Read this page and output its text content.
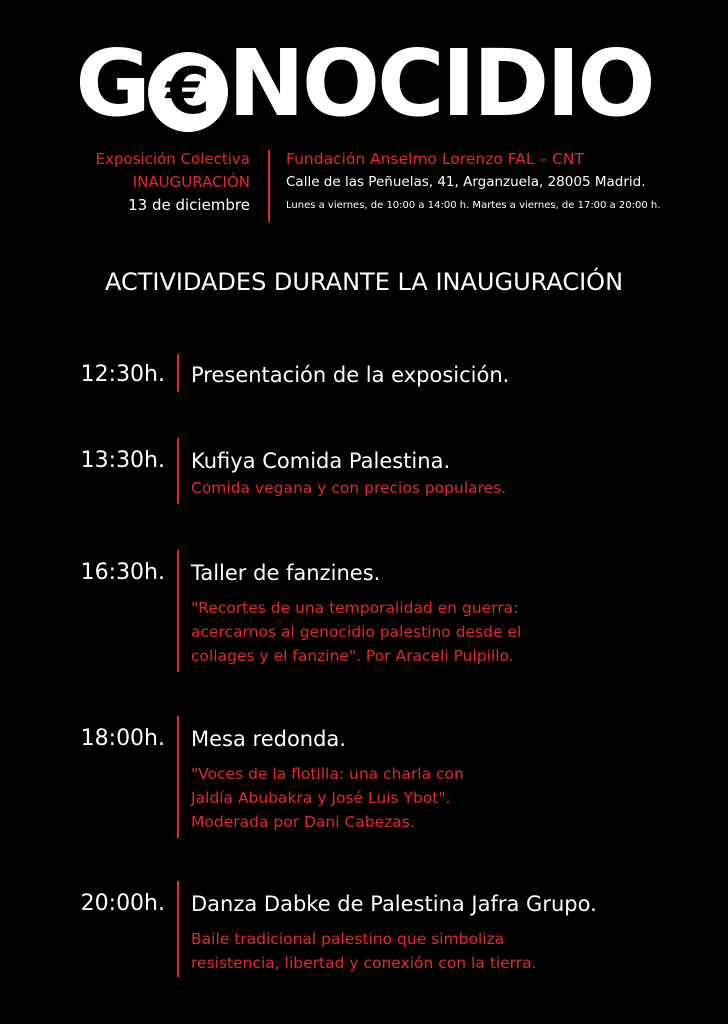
G € NOCIDIO
Exposición Colectiva
INAUGURACIÓN
13 de diciembre
Fundación Anselmo Lorenzo FAL – CNT
Calle de las Peñuelas, 41, Arganzuela, 28005 Madrid.
Lunes a viernes, de 10:00 a 14:00 h. Martes a viernes, de 17:00 a 20:00 h.
ACTIVIDADES DURANTE LA INAUGURACIÓN
12:30h. Presentación de la exposición.
13:30h. Kufiya Comida Palestina.
Comida vegana y con precios populares.
16:30h. Taller de fanzines.
"Recortes de una temporalidad en guerra:
acercarnos al genocidio palestino desde el
collages y el fanzine". Por Araceli Pulpillo.
18:00h. Mesa redonda.
"Voces de la flotilla: una charla con
Jaldía Abubakra y José Luis Ybot".
Moderada por Dani Cabezas.
20:00h. Danza Dabke de Palestina Jafra Grupo.
Baile tradicional palestino que simboliza
resistencia, libertad y conexión con la tierra.
